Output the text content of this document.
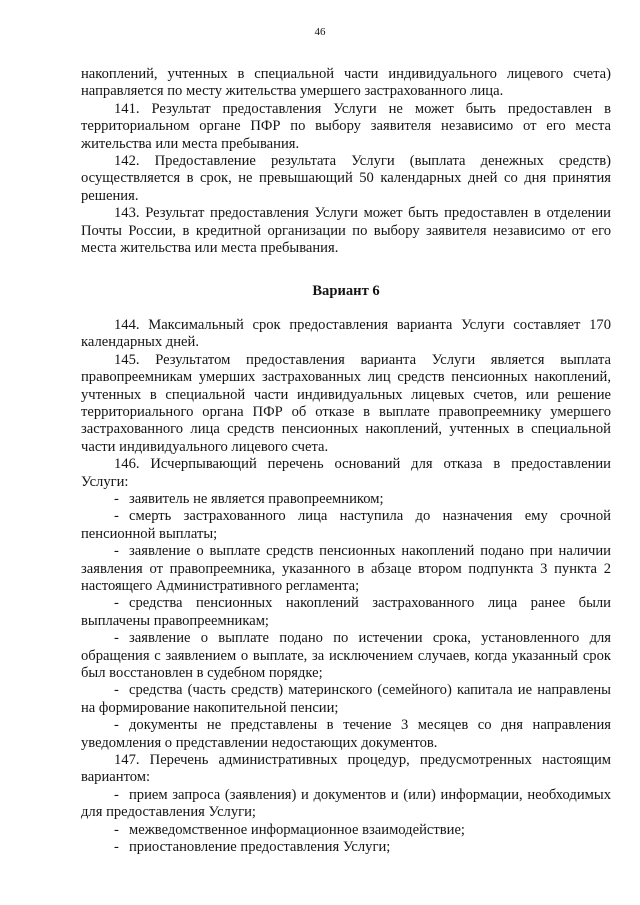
46

накоплений, учтенных в специальной части индивидуального лицевого счета) направляется по месту жительства умершего застрахованного лица.

141. Результат предоставления Услуги не может быть предоставлен в территориальном органе ПФР по выбору заявителя независимо от его места жительства или места пребывания.

142. Предоставление результата Услуги (выплата денежных средств) осуществляется в срок, не превышающий 50 календарных дней со дня принятия решения.

143. Результат предоставления Услуги может быть предоставлен в отделении Почты России, в кредитной организации по выбору заявителя независимо от его места жительства или места пребывания.

Вариант 6

144. Максимальный срок предоставления варианта Услуги составляет 170 календарных дней.

145. Результатом предоставления варианта Услуги является выплата правопреемникам умерших застрахованных лиц средств пенсионных накоплений, учтенных в специальной части индивидуальных лицевых счетов, или решение территориального органа ПФР об отказе в выплате правопреемнику умершего застрахованного лица средств пенсионных накоплений, учтенных в специальной части индивидуального лицевого счета.

146. Исчерпывающий перечень оснований для отказа в предоставлении Услуги:

- заявитель не является правопреемником;

- смерть застрахованного лица наступила до назначения ему срочной пенсионной выплаты;

- заявление о выплате средств пенсионных накоплений подано при наличии заявления от правопреемника, указанного в абзаце втором подпункта 3 пункта 2 настоящего Административного регламента;

- средства пенсионных накоплений застрахованного лица ранее были выплачены правопреемникам;

- заявление о выплате подано по истечении срока, установленного для обращения с заявлением о выплате, за исключением случаев, когда указанный срок был восстановлен в судебном порядке;

- средства (часть средств) материнского (семейного) капитала ие направлены на формирование накопительной пенсии;

- документы не представлены в течение 3 месяцев со дня направления уведомления о представлении недостающих документов.

147. Перечень административных процедур, предусмотренных настоящим вариантом:

- прием запроса (заявления) и документов и (или) информации, необходимых для предоставления Услуги;

- межведомственное информационное взаимодействие;

- приостановление предоставления Услуги;
